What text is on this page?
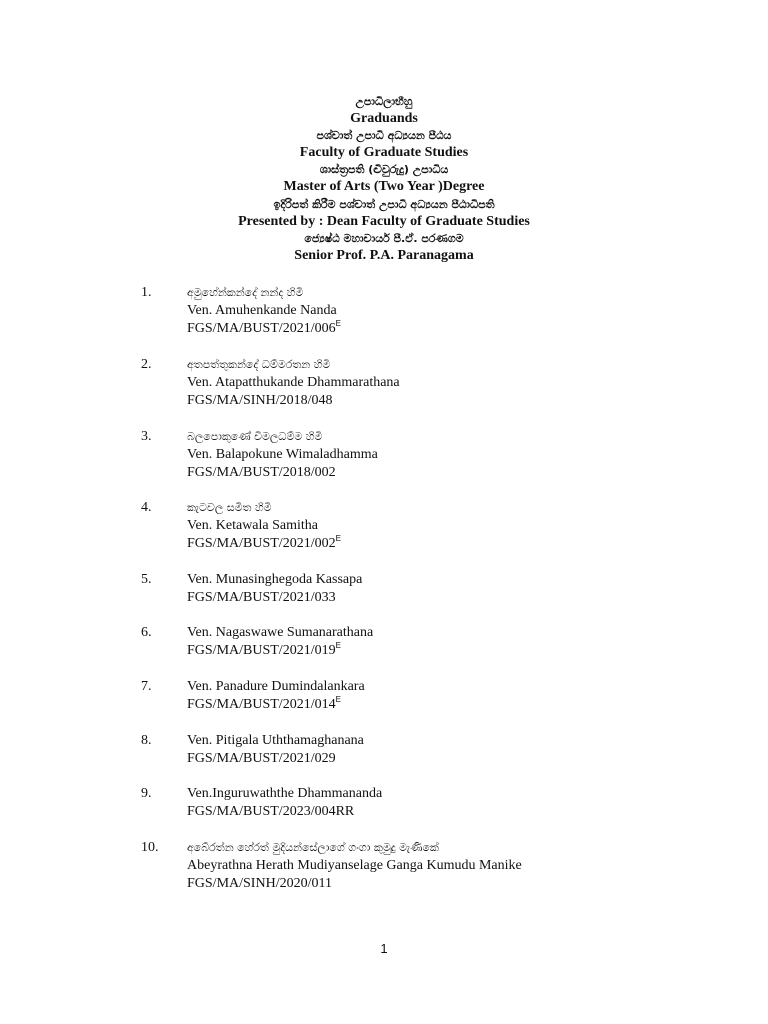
උපාධිලාභීහු
Graduands
පශ්චාත් උපාධි අධ්‍යයන පීඨය
Faculty of Graduate Studies
ශාස්ත්‍රපති (ද්‍විවුරුදු) උපාධිය
Master of Arts (Two Year )Degree
ඉදිරිපත් කිරීම පශ්චාත් උපාධි අධ්‍යයන පීඨාධිපති
Presented by : Dean Faculty of Graduate Studies
ජ්‍යෙෂ්ඨ මහාචාර්ය පී.ඒ. පරණගම
Senior Prof. P.A. Paranagama
1.	අමුහේන්කන්දේ නන්ද හිමි
Ven. Amuhenkande Nanda
FGS/$MA/BUST/2021/006^E$
2.	අතපත්තුකන්දේ ධම්මරතන හිමි
Ven. Atapatthukande Dhammarathana
FGS/MA/SINH/2018/048
3.	බලපොකුණේ විමලධම්ම හිමි
Ven. Balapokune Wimaladhamma
FGS/MA/BUST/2018/002
4.	කැටවල සමිත හිමි
Ven. Ketawala Samitha
FGS/$MA/BUST/2021/002^E$
5.	Ven. Munasinghegoda Kassapa
FGS/MA/BUST/2021/033
6.	Ven. Nagaswawe Sumanarathana
FGS/$MA/BUST/2021/019^E$
7.	Ven. Panadure Dumindalankara
FGS/$MA/BUST/2021/014^E$
8.	Ven. Pitigala Uththamaghanana
FGS/MA/BUST/2021/029
9.	Ven.Inguruwaththe Dhammananda
FGS/MA/BUST/2023/004RR
10.	අබේරත්න හේරත් මුදියන්සේලාගේ ගංගා කුමුදු මැණිකේ
Abeyrathna Herath Mudiyanselage Ganga Kumudu Manike
FGS/MA/SINH/2020/011
1
